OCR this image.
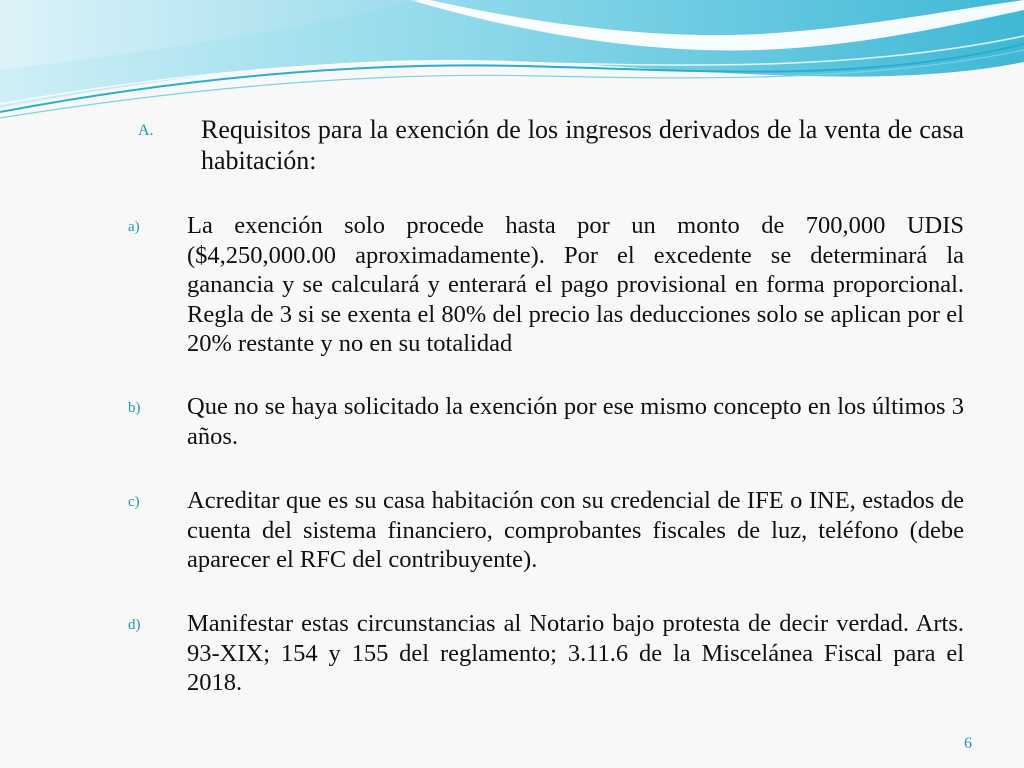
A. Requisitos para la exención de los ingresos derivados de la venta de casa habitación:
a) La exención solo procede hasta por un monto de 700,000 UDIS ($4,250,000.00 aproximadamente). Por el excedente se determinará la ganancia y se calculará y enterará el pago provisional en forma proporcional. Regla de 3 si se exenta el 80% del precio las deducciones solo se aplican por el 20% restante y no en su totalidad
b) Que no se haya solicitado la exención por ese mismo concepto en los últimos 3 años.
c) Acreditar que es su casa habitación con su credencial de IFE o INE, estados de cuenta del sistema financiero, comprobantes fiscales de luz, teléfono (debe aparecer el RFC del contribuyente).
d) Manifestar estas circunstancias al Notario bajo protesta de decir verdad. Arts. 93-XIX; 154 y 155 del reglamento; 3.11.6 de la Miscelánea Fiscal para el 2018.
6
